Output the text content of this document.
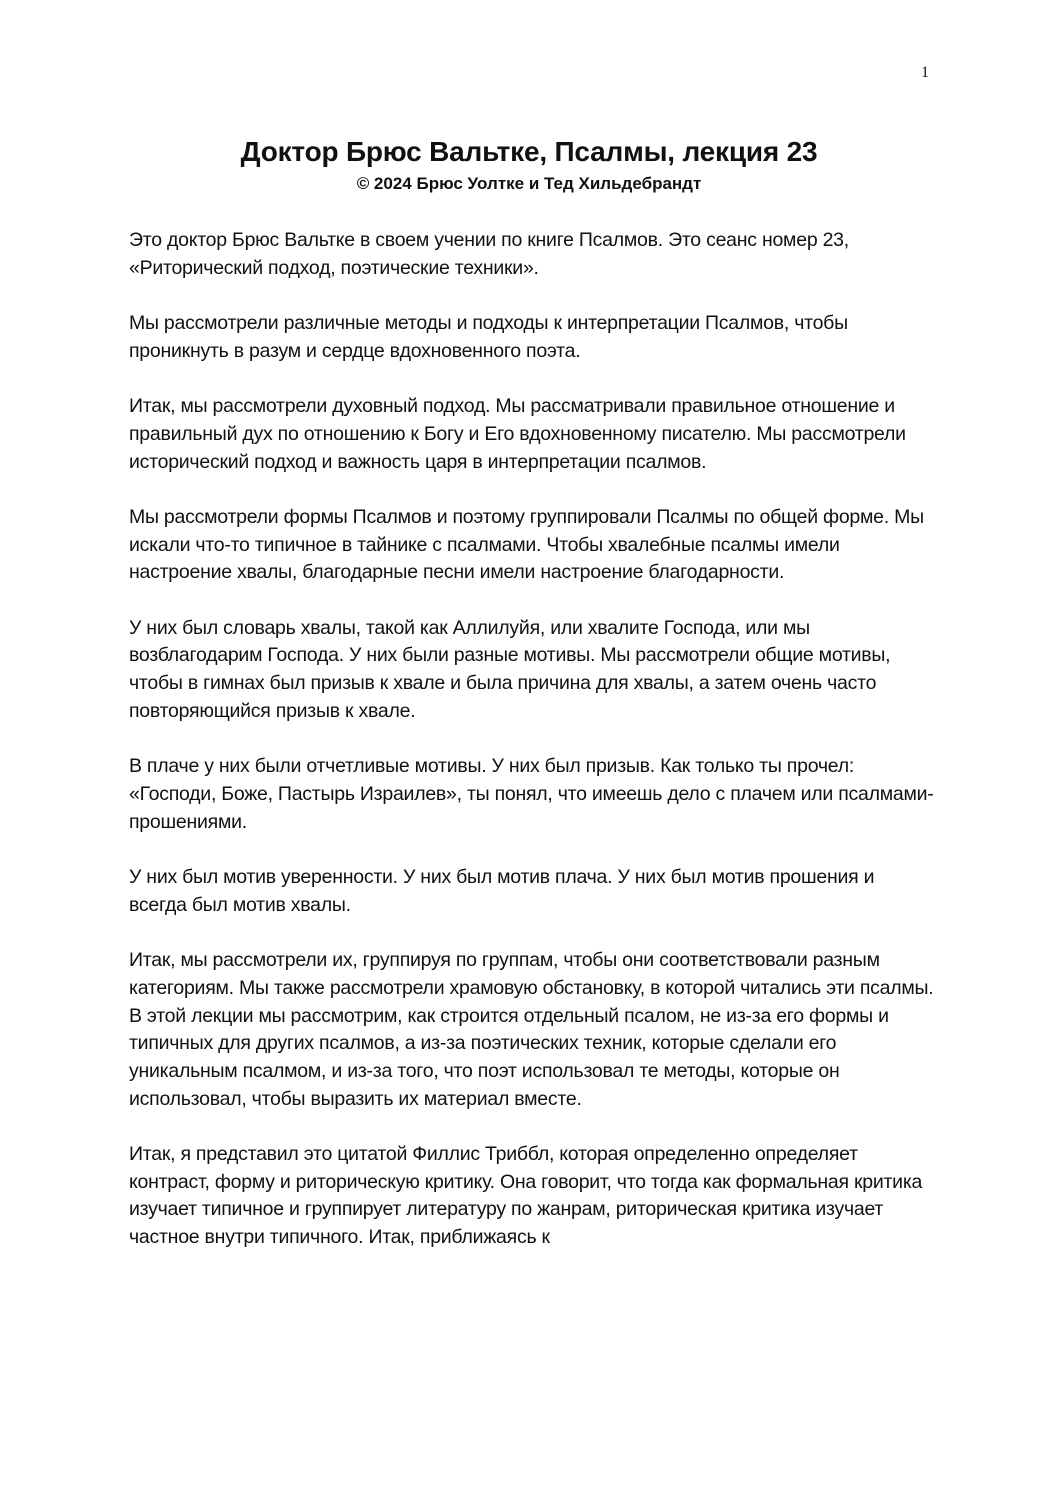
1
Доктор Брюс Вальтке, Псалмы, лекция 23
© 2024 Брюс Уолтке и Тед Хильдебрандт

Это доктор Брюс Вальтке в своем учении по книге Псалмов. Это сеанс номер 23, «Риторический подход, поэтические техники».

Мы рассмотрели различные методы и подходы к интерпретации Псалмов, чтобы проникнуть в разум и сердце вдохновенного поэта.

Итак, мы рассмотрели духовный подход. Мы рассматривали правильное отношение и правильный дух по отношению к Богу и Его вдохновенному писателю. Мы рассмотрели исторический подход и важность царя в интерпретации псалмов.

Мы рассмотрели формы Псалмов и поэтому группировали Псалмы по общей форме. Мы искали что-то типичное в тайнике с псалмами. Чтобы хвалебные псалмы имели настроение хвалы, благодарные песни имели настроение благодарности.

У них был словарь хвалы, такой как Аллилуйя, или хвалите Господа, или мы возблагодарим Господа. У них были разные мотивы. Мы рассмотрели общие мотивы, чтобы в гимнах был призыв к хвале и была причина для хвалы, а затем очень часто повторяющийся призыв к хвале.

В плаче у них были отчетливые мотивы. У них был призыв. Как только ты прочел: «Господи, Боже, Пастырь Израилев», ты понял, что имеешь дело с плачем или псалмами-прошениями.

У них был мотив уверенности. У них был мотив плача. У них был мотив прошения и всегда был мотив хвалы.

Итак, мы рассмотрели их, группируя по группам, чтобы они соответствовали разным категориям. Мы также рассмотрели храмовую обстановку, в которой читались эти псалмы. В этой лекции мы рассмотрим, как строится отдельный псалом, не из-за его формы и типичных для других псалмов, а из-за поэтических техник, которые сделали его уникальным псалмом, и из-за того, что поэт использовал те методы, которые он использовал, чтобы выразить их материал вместе.

Итак, я представил это цитатой Филлис Триббл, которая определенно определяет контраст, форму и риторическую критику. Она говорит, что тогда как формальная критика изучает типичное и группирует литературу по жанрам, риторическая критика изучает частное внутри типичного. Итак, приближаясь к
